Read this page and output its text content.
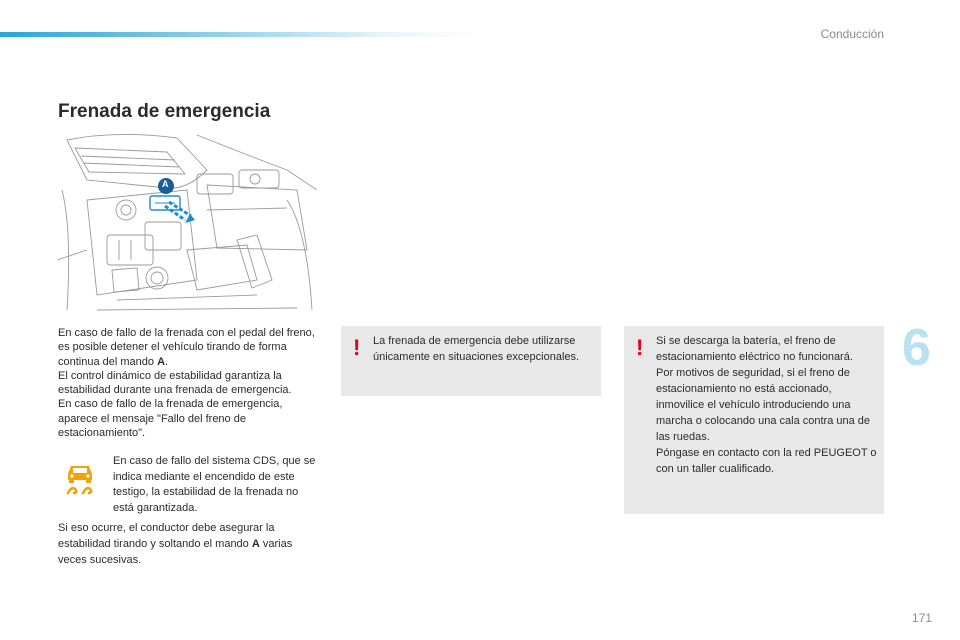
Conducción
Frenada de emergencia
A
En caso de fallo de la frenada con el pedal del freno, es posible detener el vehículo tirando de forma continua del mando A.
El control dinámico de estabilidad garantiza la estabilidad durante una frenada de emergencia.
En caso de fallo de la frenada de emergencia, aparece el mensaje "Fallo del freno de estacionamiento".
En caso de fallo del sistema CDS, que se indica mediante el encendido de este testigo, la estabilidad de la frenada no está garantizada.
Si eso ocurre, el conductor debe asegurar la estabilidad tirando y soltando el mando A varias veces sucesivas.
! La frenada de emergencia debe utilizarse únicamente en situaciones excepcionales.	! Si se descarga la batería, el freno de estacionamiento eléctrico no funcionará.
Por motivos de seguridad, si el freno de estacionamiento no está accionado, inmovilice el vehículo introduciendo una marcha o colocando una cala contra una de las ruedas.
Póngase en contacto con la red PEUGEOT o con un taller cualificado.
6
171
